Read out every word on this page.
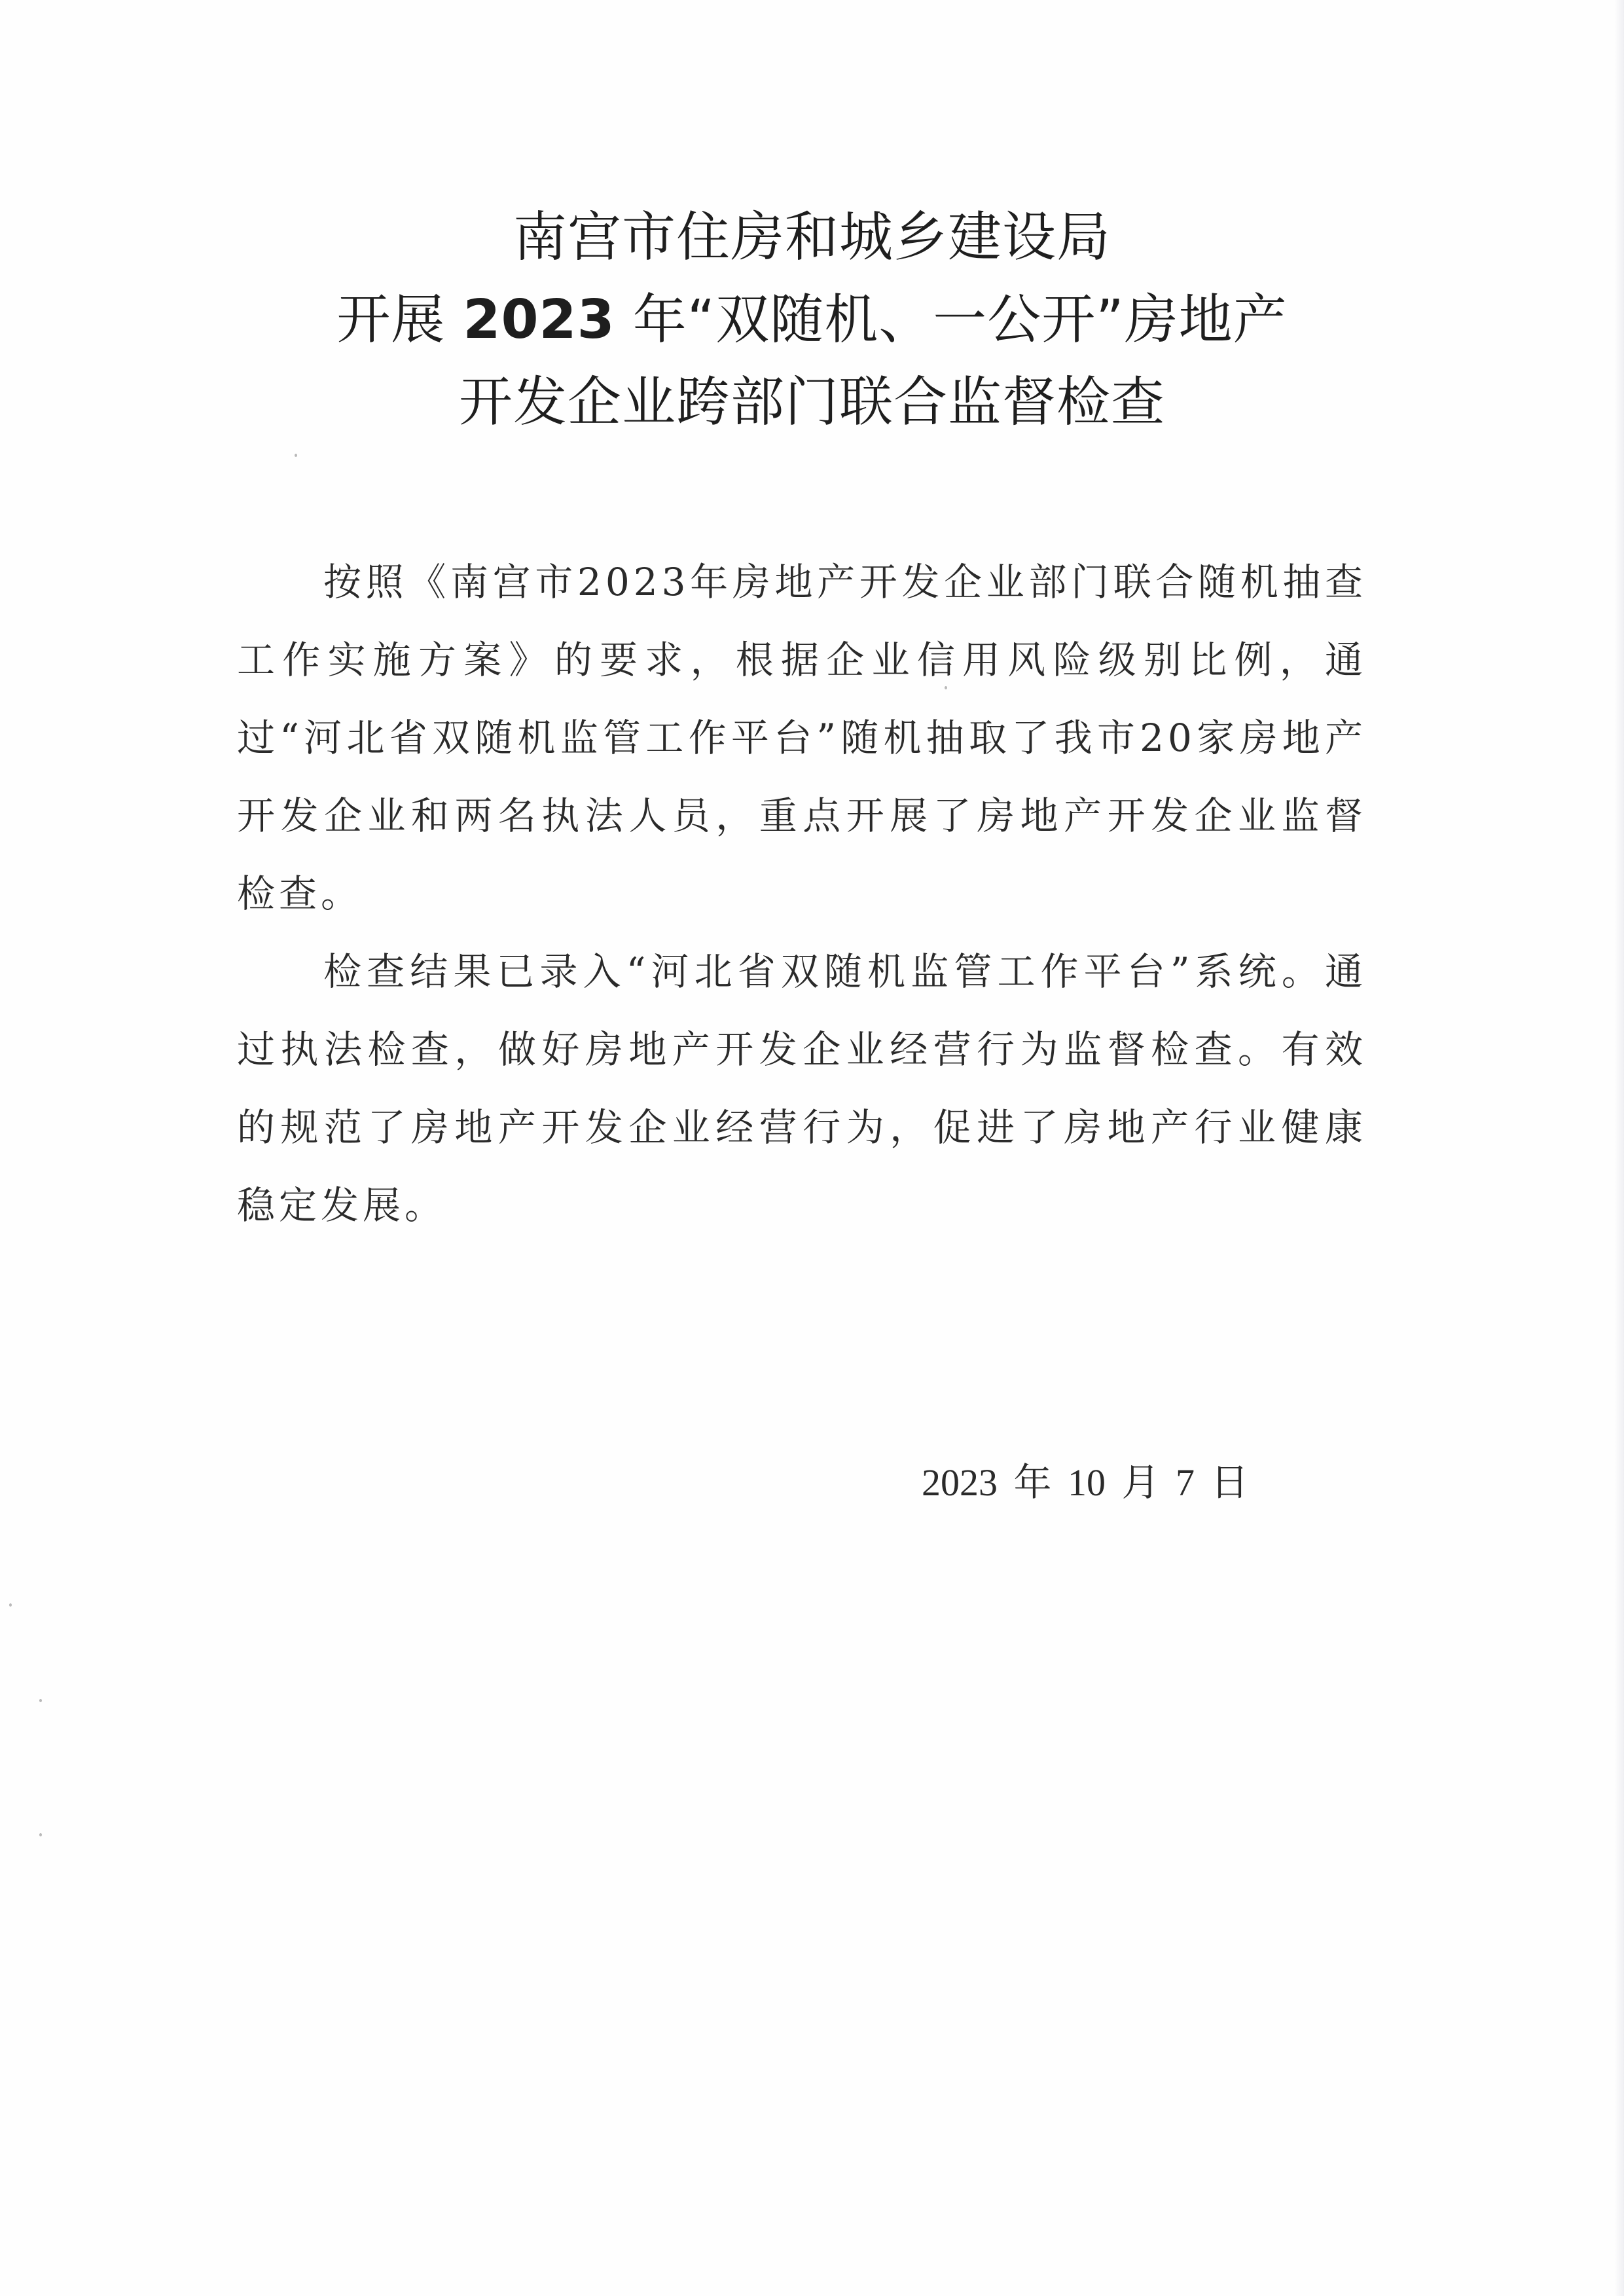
南宫市住房和城乡建设局
开展 2023 年“双随机、一公开”房地产
开发企业跨部门联合监督检查

按照《南宫市2023年房地产开发企业部门联合随机抽查工作实施方案》的要求，根据企业信用风险级别比例，通过“河北省双随机监管工作平台”随机抽取了我市20家房地产开发企业和两名执法人员，重点开展了房地产开发企业监督检查。

检查结果已录入“河北省双随机监管工作平台”系统。通过执法检查，做好房地产开发企业经营行为监督检查。有效的规范了房地产开发企业经营行为，促进了房地产行业健康稳定发展。

2023 年 10 月 7 日
